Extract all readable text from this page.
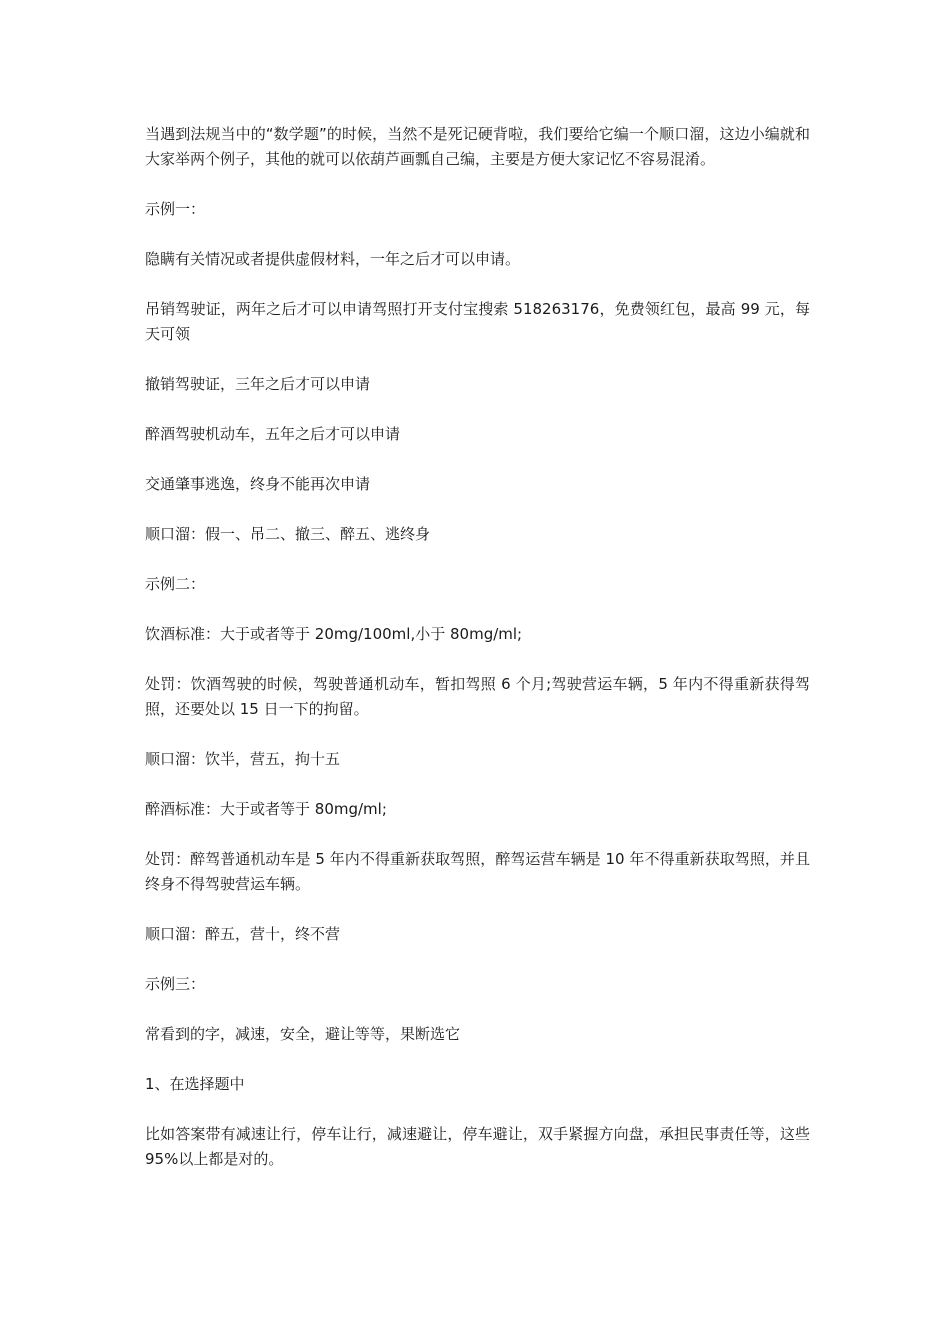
当遇到法规当中的“数学题”的时候，当然不是死记硬背啦，我们要给它编一个顺口溜，这边小编就和大家举两个例子，其他的就可以依葫芦画瓢自己编，主要是方便大家记忆不容易混淆。

示例一：

隐瞒有关情况或者提供虚假材料，一年之后才可以申请。

吊销驾驶证，两年之后才可以申请驾照打开支付宝搜索 518263176，免费领红包，最高 99 元，每天可领

撤销驾驶证，三年之后才可以申请

醉酒驾驶机动车，五年之后才可以申请

交通肇事逃逸，终身不能再次申请

顺口溜：假一、吊二、撤三、醉五、逃终身

示例二：

饮酒标准：大于或者等于 20mg/100ml,小于 80mg/ml;

处罚：饮酒驾驶的时候，驾驶普通机动车，暂扣驾照 6 个月;驾驶营运车辆，5 年内不得重新获得驾照，还要处以 15 日一下的拘留。

顺口溜：饮半，营五，拘十五

醉酒标准：大于或者等于 80mg/ml;

处罚：醉驾普通机动车是 5 年内不得重新获取驾照，醉驾运营车辆是 10 年不得重新获取驾照，并且终身不得驾驶营运车辆。

顺口溜：醉五，营十，终不营

示例三：

常看到的字，减速，安全，避让等等，果断选它

1、在选择题中

比如答案带有减速让行，停车让行，减速避让，停车避让，双手紧握方向盘，承担民事责任等，这些 95%以上都是对的。
